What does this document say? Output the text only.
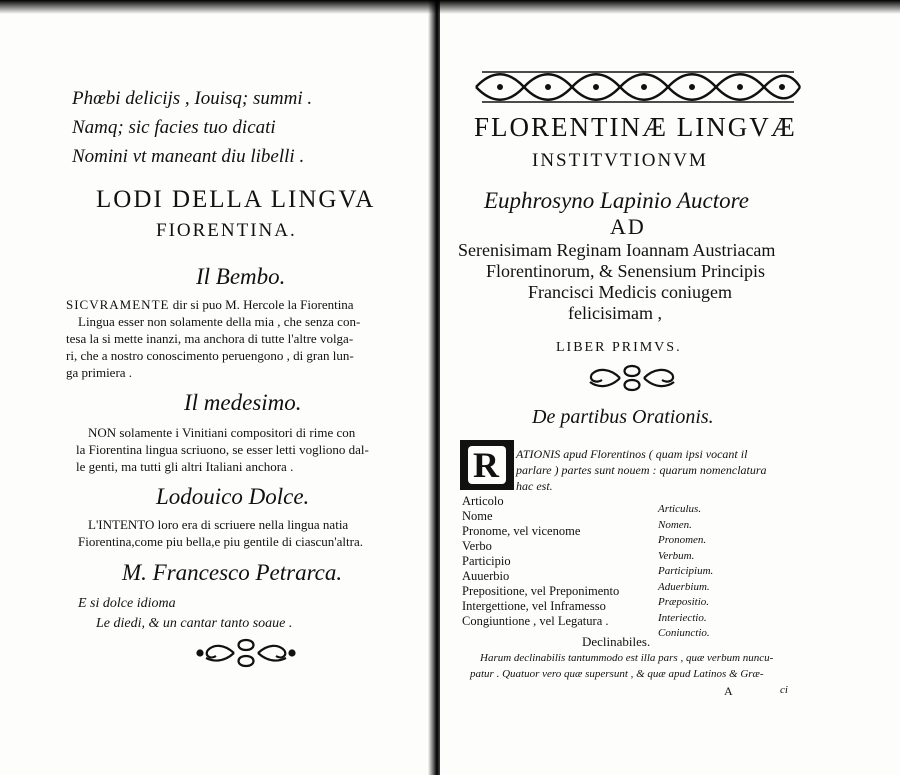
Phœbi delicijs , Iouisq; summi .
Namq; sic facies tuo dicati
Nomini vt maneant diu libelli .
LODI DELLA LINGVA
FIORENTINA.
Il Bembo.
SICVRAMENTE dir si puo M. Hercole la Fiorentina
Lingua esser non solamente della mia , che senza con-
tesa la si mette inanzi, ma anchora di tutte l'altre volga-
ri, che a nostro conoscimento peruengono , di gran lun-
ga primiera .
Il medesimo.
NON solamente i Vinitiani compositori di rime con
la Fiorentina lingua scriuono, se esser letti vogliono dal-
le genti, ma tutti gli altri Italiani anchora .
Lodouico Dolce.
L'INTENTO loro era di scriuere nella lingua natia
Fiorentina,come piu bella,e piu gentile di ciascun'altra.
M. Francesco Petrarca.
E si dolce idioma
Le diedi, & un cantar tanto soaue .
FLORENTINÆ LINGVÆ
INSTITVTIONVM
Euphrosyno Lapinio Auctore
AD
Serenisimam Reginam Ioannam Austriacam
Florentinorum, & Senensium Principis
Francisci Medicis coniugem
felicisimam ,
LIBER PRIMVS.
De partibus Orationis.
R ATIONIS apud Florentinos ( quam ipsi vocant il
parlare ) partes sunt nouem : quarum nomenclatura
hac est.
Articolo
Nome
Pronome, vel vicenome
Verbo
Participio
Auuerbio
Prepositione, vel Preponimento
Intergettione, vel Inframesso
Congiuntione , vel Legatura .
Articulus.
Nomen.
Pronomen.
Verbum.
Participium.
Aduerbium.
Præpositio.
Interiectio.
Coniunctio.
Declinabiles.
Harum declinabilis tantummodo est illa pars , quæ verbum nuncu-
patur . Quatuor vero quæ supersunt , & quæ apud Latinos & Græ-
A	ci
